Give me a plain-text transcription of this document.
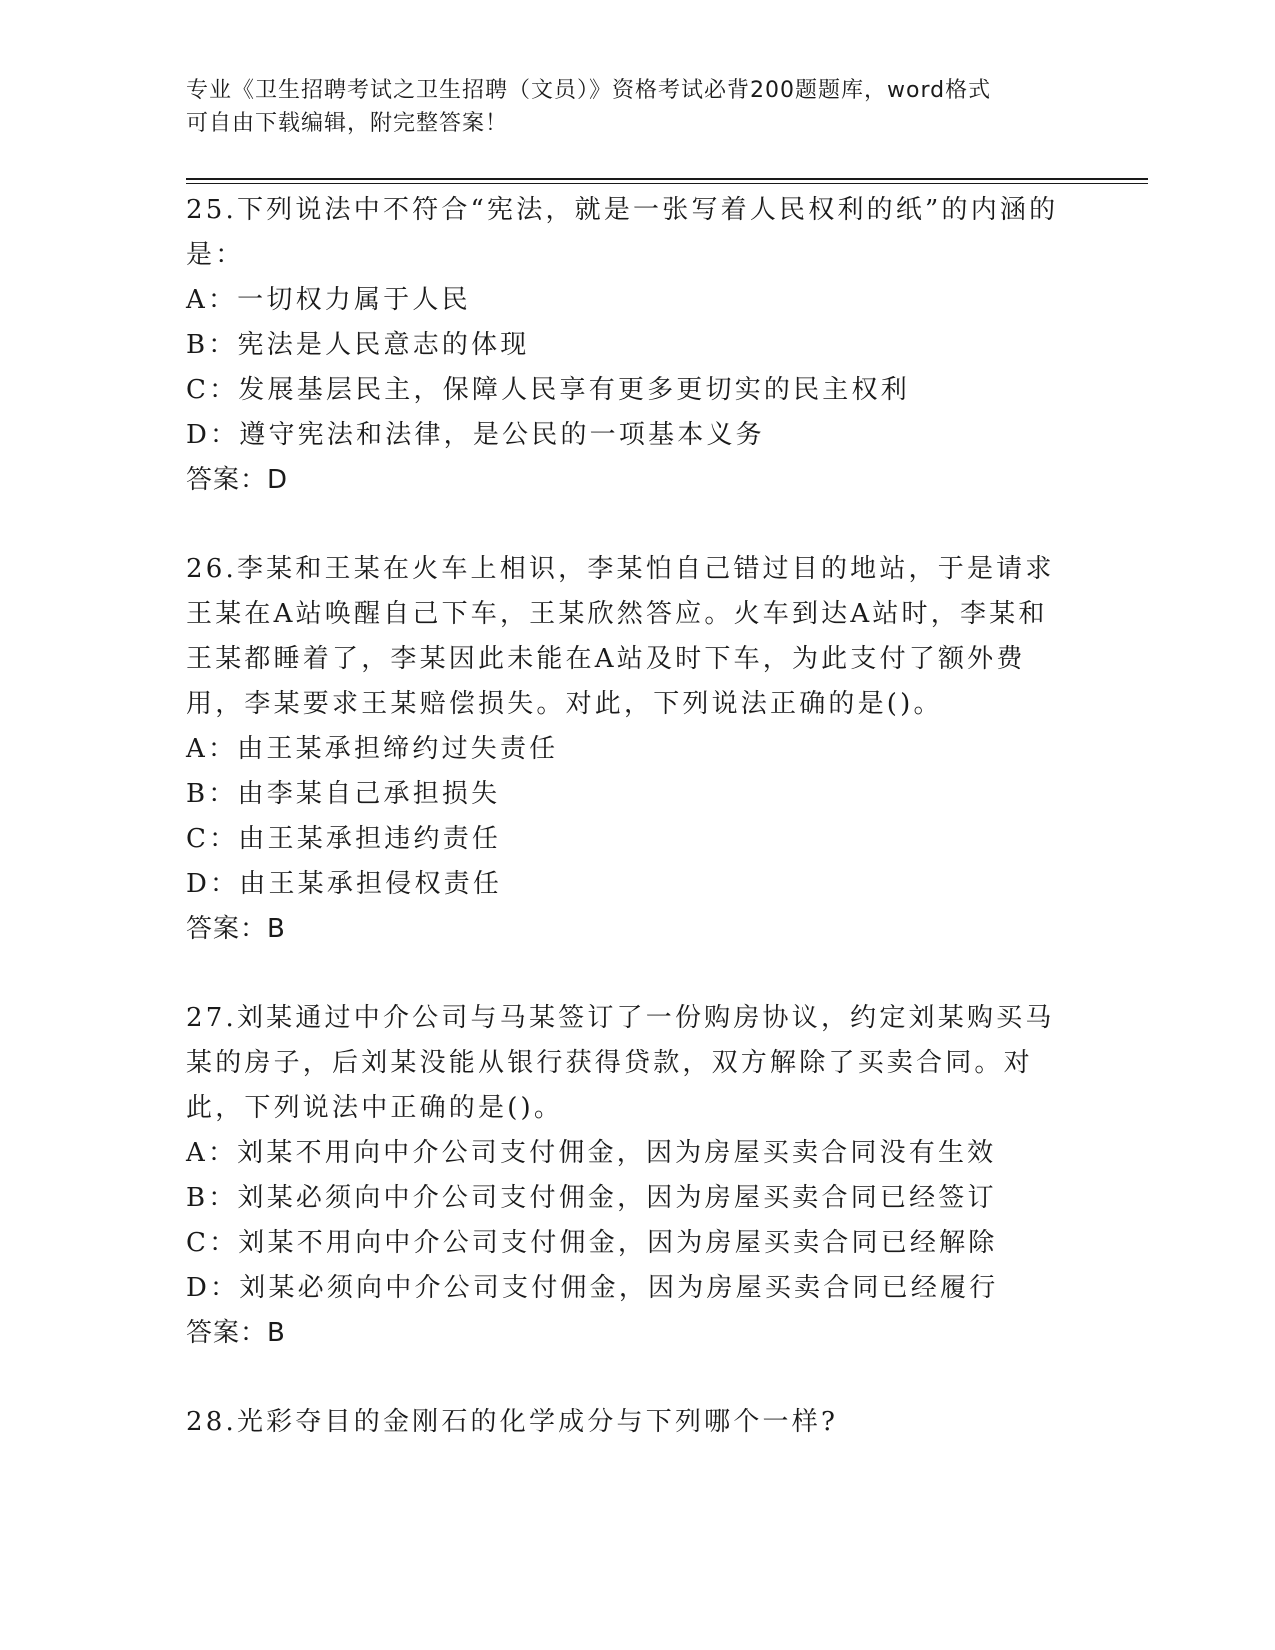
专业《卫生招聘考试之卫生招聘（文员）》资格考试必背200题题库，word格式
可自由下载编辑，附完整答案！
25.下列说法中不符合“宪法，就是一张写着人民权利的纸”的内涵的是：
A：一切权力属于人民
B：宪法是人民意志的体现
C：发展基层民主，保障人民享有更多更切实的民主权利
D：遵守宪法和法律，是公民的一项基本义务
答案：D
26.李某和王某在火车上相识，李某怕自己错过目的地站，于是请求王某在A站唤醒自己下车，王某欣然答应。火车到达A站时，李某和王某都睡着了，李某因此未能在A站及时下车，为此支付了额外费用，李某要求王某赔偿损失。对此，下列说法正确的是()。
A：由王某承担缔约过失责任
B：由李某自己承担损失
C：由王某承担违约责任
D：由王某承担侵权责任
答案：B
27.刘某通过中介公司与马某签订了一份购房协议，约定刘某购买马某的房子，后刘某没能从银行获得贷款，双方解除了买卖合同。对此，下列说法中正确的是()。
A：刘某不用向中介公司支付佣金，因为房屋买卖合同没有生效
B：刘某必须向中介公司支付佣金，因为房屋买卖合同已经签订
C：刘某不用向中介公司支付佣金，因为房屋买卖合同已经解除
D：刘某必须向中介公司支付佣金，因为房屋买卖合同已经履行
答案：B
28.光彩夺目的金刚石的化学成分与下列哪个一样?
